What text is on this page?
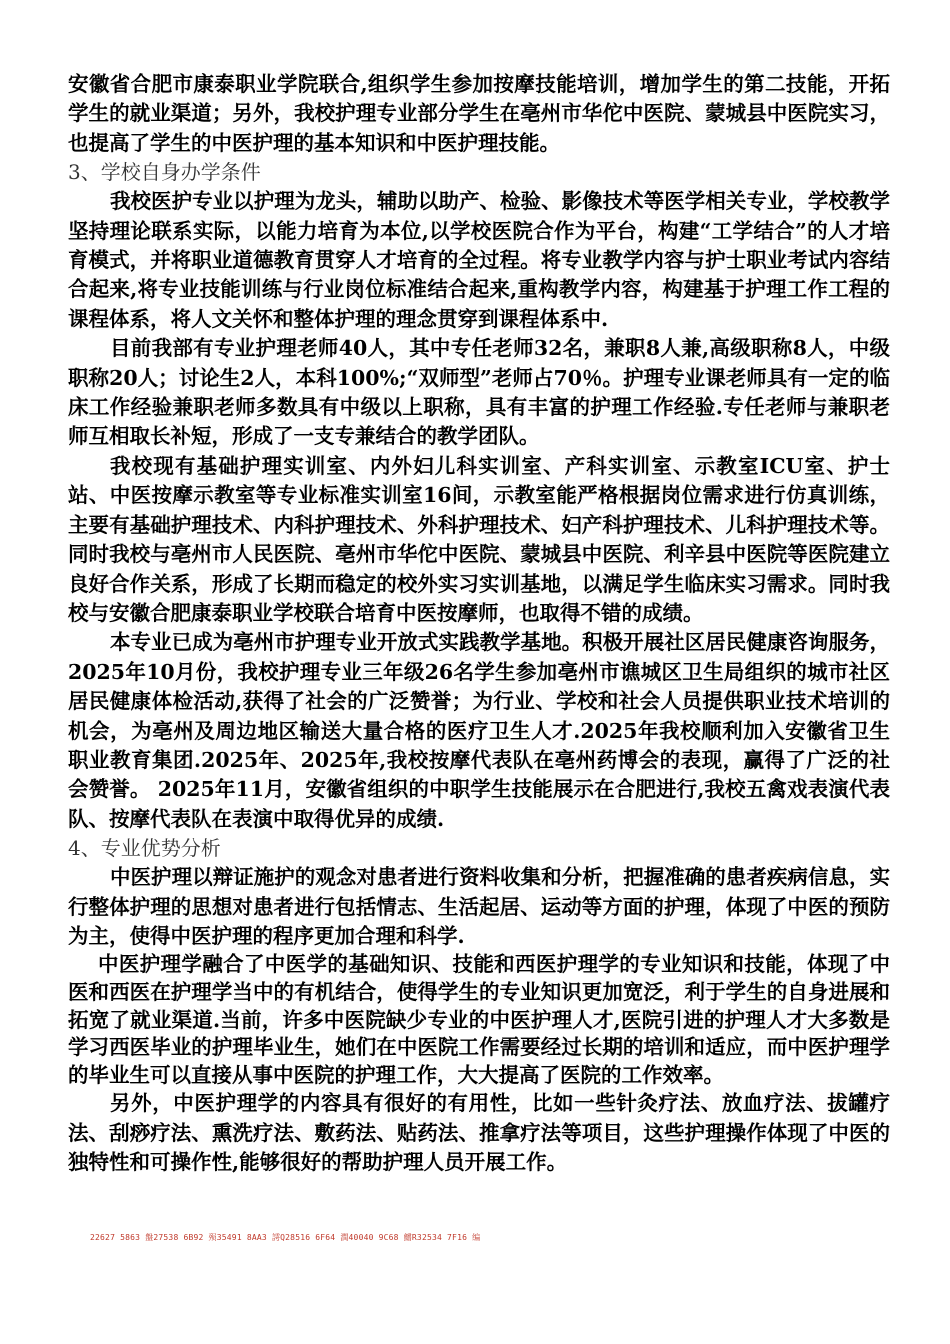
安徽省合肥市康泰职业学院联合,组织学生参加按摩技能培训，增加学生的第二技能，开拓学生的就业渠道；另外，我校护理专业部分学生在亳州市华佗中医院、蒙城县中医院实习，也提高了学生的中医护理的基本知识和中医护理技能。

3、学校自身办学条件

我校医护专业以护理为龙头，辅助以助产、检验、影像技术等医学相关专业，学校教学坚持理论联系实际，以能力培育为本位,以学校医院合作为平台，构建“工学结合”的人才培育模式，并将职业道德教育贯穿人才培育的全过程。将专业教学内容与护士职业考试内容结合起来,将专业技能训练与行业岗位标准结合起来,重构教学内容，构建基于护理工作工程的课程体系，将人文关怀和整体护理的理念贯穿到课程体系中.

目前我部有专业护理老师40人，其中专任老师32名，兼职8人兼,高级职称8人，中级职称20人；讨论生2人，本科100%;“双师型”老师占70％。护理专业课老师具有一定的临床工作经验兼职老师多数具有中级以上职称，具有丰富的护理工作经验.专任老师与兼职老师互相取长补短，形成了一支专兼结合的教学团队。

我校现有基础护理实训室、内外妇儿科实训室、产科实训室、示教室ICU室、护士站、中医按摩示教室等专业标准实训室16间，示教室能严格根据岗位需求进行仿真训练，主要有基础护理技术、内科护理技术、外科护理技术、妇产科护理技术、儿科护理技术等。同时我校与亳州市人民医院、亳州市华佗中医院、蒙城县中医院、利辛县中医院等医院建立良好合作关系，形成了长期而稳定的校外实习实训基地，以满足学生临床实习需求。同时我校与安徽合肥康泰职业学校联合培育中医按摩师，也取得不错的成绩。

本专业已成为亳州市护理专业开放式实践教学基地。积极开展社区居民健康咨询服务，2025年10月份，我校护理专业三年级26名学生参加亳州市谯城区卫生局组织的城市社区居民健康体检活动,获得了社会的广泛赞誉；为行业、学校和社会人员提供职业技术培训的机会，为亳州及周边地区输送大量合格的医疗卫生人才.2025年我校顺利加入安徽省卫生职业教育集团.2025年、2025年,我校按摩代表队在亳州药博会的表现，赢得了广泛的社会赞誉。 2025年11月，安徽省组织的中职学生技能展示在合肥进行,我校五禽戏表演代表队、按摩代表队在表演中取得优异的成绩.

4、专业优势分析

中医护理以辩证施护的观念对患者进行资料收集和分析，把握准确的患者疾病信息，实行整体护理的思想对患者进行包括情志、生活起居、运动等方面的护理，体现了中医的预防为主，使得中医护理的程序更加合理和科学.

中医护理学融合了中医学的基础知识、技能和西医护理学的专业知识和技能，体现了中医和西医在护理学当中的有机结合，使得学生的专业知识更加宽泛，利于学生的自身进展和拓宽了就业渠道.当前，许多中医院缺少专业的中医护理人才,医院引进的护理人才大多数是学习西医毕业的护理毕业生，她们在中医院工作需要经过长期的培训和适应，而中医护理学的毕业生可以直接从事中医院的护理工作，大大提高了医院的工作效率。

另外，中医护理学的内容具有很好的有用性，比如一些针灸疗法、放血疗法、拔罐疗法、刮痧疗法、熏洗疗法、敷药法、贴药法、推拿疗法等项目，这些护理操作体现了中医的独特性和可操作性,能够很好的帮助护理人员开展工作。

22627 5863 盤27538 6B92 殒35491 8AA3 謣Q28516 6F64 潤40040 9C68 鱨R32534 7F16 编
